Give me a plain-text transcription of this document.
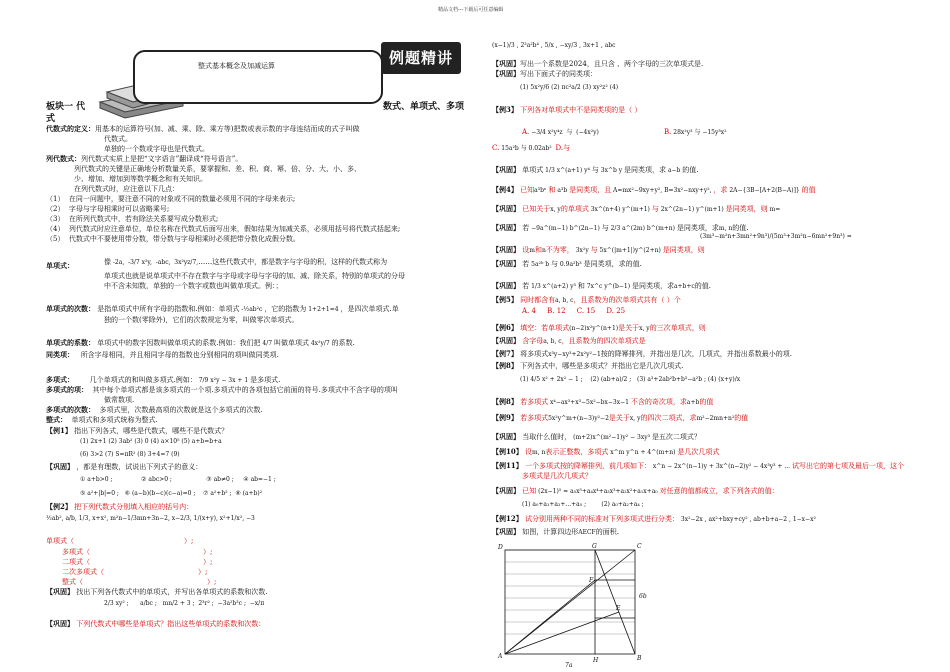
精品文档---下载后可任意编辑
整式基本概念及加减运算	例题精讲
板块一 代
式
数式、单项式、多项
代数式的定义：用基本的运算符号(加、减、乘、除、乘方等)把数或表示数的字母连结而成的式子叫做
代数式。
单独的一个数或字母也是代数式。
列代数式：列代数式实质上是把“文字语言”翻译成“符号语言”。
列代数式的关键是正确地分析数量关系，要掌握和、差、积、商、幂、倍、分、大、小、多、
少、增加、增加到等数学概念和有关知识。
在列代数式时，应注意以下几点：
（1） 在同一问题中，要注意不同的对象或不同的数量必须用不同的字母来表示;
（2） 字母与字母相乘时可以省略乘号;
（3） 在所列代数式中，若有除法关系要写成分数形式;
（4） 列代数式时应注意单位，单位名称在代数式后面写出来，假如结果为加减关系，必须用括号将代数式括起来;
（5） 代数式中不要使用带分数，带分数与字母相乘时必须把带分数化成假分数。
单项式：	像 -2a,  -3/7 x²y,  -abc,  3x²yz/7,……这些代数式中，都是数字与字母的积，这样的代数式称为
单项式也就是说单项式中不存在数字与字母或字母与字母的加、减、除关系，特别的单项式的分母
中不含未知数，单独的一个数字或数也叫做单项式。例：；
单项式的次数： 是指单项式中所有字母的指数和.例如：单项式 -½ab²c ，它的指数为 1+2+1=4 ，是四次单项式.单
独的一个数(零除外)，它们的次数规定为零，叫做零次单项式。
单项式的系数： 单项式中的数字因数叫做单项式的系数.例如：我们把 4/7 叫做单项式 4x²y/7 的系数.
同类项： 所含字母相同，并且相同字母的指数也分别相同的项叫做同类项.
多项式： 几个单项式的和叫做多项式.例如： 7/9 x²y − 3x + 1 是多项式.
多项式的项： 其中每个单项式都是该多项式的一个项.多项式中的各项包括它前面的符号.多项式中不含字母的项叫
做常数项.
多项式的次数： 多项式里，次数最高项的次数就是这个多项式的次数.
整式： 单项式和多项式统称为整式.
【例1】 指出下列各式，哪些是代数式，哪些不是代数式？
(1) 2x+1 (2) 3ab² (3) 0 (4) a×10⁵ (5) a+b=b+a
(6) 3>2 (7) S=πR² (8) 3+4=7 (9)
【巩固】 ，都是有理数，试说出下列式子的意义：
① a+b>0 ;               ② abc>0 ;                  ③ ab≠0 ;     ④ ab=−1 ;
⑤ a²+|b|=0 ;   ⑥ (a−b)(b−c)(c−a)=0 ;    ⑦ a²+b² ;  ⑧ (a+b)²
【例2】 把下列代数式分别填入相应的括号内：
½ab², a/b, 1/3, x+x², m²n−1/3mn+3n−2, x−2/3, 1/(x+y), x²+1/x², −3
单项式（	）;
多项式（	）;
二项式（	）;
二次多项式（	）;
整式（	）;
【巩固】 找出下列各代数式中的单项式，并写出各单项式的系数和次数.
2/3 xy² ;      a/bc ;   mn/2 + 3 ;  2³r² ;  −3a²b³c ;  −x/π
【巩固】 下列代数式中哪些是单项式？指出这些单项式的系数和次数：
(x−1)/3 , 2³a²b⁴ , 5/x , −xy/3 , 3x+1 , abc
【巩固】写出一个系数是2024，且只含 、两个字母的三次单项式是.
【巩固】写出下面式子的同类项：
(1) 5x²y/6 (2) πc²a/2 (3) xy²z² (4)
【例3】 下列各对单项式中不是同类项的是（ ）
A. −3/4 x²y⁴z  与  (−4x²y)	B. 28x²y³ 与 −15y³x²
C. 15a²b 与 0.02ab²  D.与
【巩固】 单项式 1/3 x^(a+1) y⁴ 与 3x^b y 是同类项，求 a−b 的值.
【例4】 已知a³bⁿ 和 a³b 是同类项，且 A=mx²−9xy+y², B=3x²−nxy+y², ，求 2A−{3B−[A+2(B−A)]} 的值
【巩固】 已知关于x, y的单项式 3x^(n+4) y^(m+1) 与 2x^(2n−1) y^(m+1) 是同类项，则 m=
【巩固】 若 −9a^(m−1) b^(2n−1) 与 2/3 a^(2m) b^(m+n) 是同类项，求m, n的值.
(3m³−m²n+3mn²+9n³)/(5m³+3m²n−6mn²+9n³) =
【巩固】 设m和n不为零， 3x²y 与 5x^(|m+1|)y^(2+n) 是同类项，则
【巩固】 若 5a²ᵇ b 与 0.9a²b³ 是同类项，求的值.
【巩固】 若 1/3 x^(a+2) y³ 和 7x^c y^(b−1) 是同类项，求a+b+c的值.
【例5】 同时都含有a, b, c，且系数为的次单项式共有（ ）个
A. 4 B. 12 C. 15 D. 25
【例6】 填空：若单项式(n−2)x²y^(n+1)是关于x, y的三次单项式，则
【巩固】 含字母a, b, c，且系数为的四次单项式是
【例7】 将多项式x³y−xy³+2x²y²−1按的降幂排列，并指出是几次，几项式，并指出系数最小的项.
【例8】 下列各式中，哪些是多项式？并指出它是几次几项式.
(1) 4/5 x² + 2x² − 1 ;    (2) (ab+a)/2 ;   (3) a³+2ab²b+b³−a²b ; (4) (x+y)/x
【例8】 若多项式 x⁴−ax³+x³−5x²−bx−3x−1 不含的奇次项，求a+b的值
【例9】 若多项式5x²y^m+(n−3)y²−2是关于x, y的四次二项式，求m²−2mn+n²的值
【巩固】 当取什么值时， (m+2)x^(m²−1)y² − 3xy³ 是五次二项式？
【例10】 设m, n表示正整数，多项式 x^m y^n + 4^(m+n) 是几次几项式
【例11】 一个多项式按的降幂排列，前几项如下： x^n − 2x^(n−1)y + 3x^(n−2)y² − 4x³y³ + ... 试写出它的第七项及最后一项，这个
多项式是几次几项式？
【巩固】 已知 (2x−1)⁵ = a₅x⁵+a₄x⁴+a₃x³+a₂x²+a₁x+a₀ 对任意的值都成立，求下列各式的值：
(1) a₀+a₁+a₂+...+a₅ ;        (2) a₀+a₂+a₄ ;
【例12】 试分别用两种不同的标准对下列多项式进行分类： 3x²−2x , ax²+bxy+cy² , ab+b+a−2 , 1−x−x²
【巩固】 如图，计算四边形AECF的面积.
D	G	C
F
E
A	B
H
7a
6b
